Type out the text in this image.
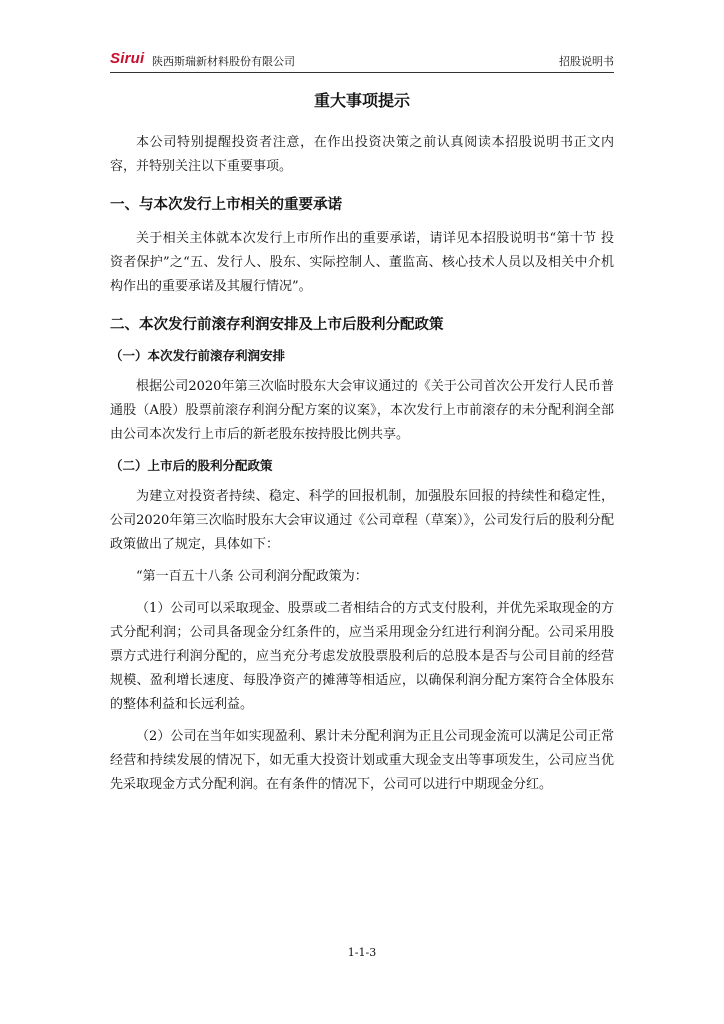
Sirui 陕西斯瑞新材料股份有限公司	招股说明书
重大事项提示

本公司特别提醒投资者注意，在作出投资决策之前认真阅读本招股说明书正文内容，并特别关注以下重要事项。

一、与本次发行上市相关的重要承诺

关于相关主体就本次发行上市所作出的重要承诺，请详见本招股说明书“第十节 投资者保护”之“五、发行人、股东、实际控制人、董监高、核心技术人员以及相关中介机构作出的重要承诺及其履行情况”。

二、本次发行前滚存利润安排及上市后股利分配政策
（一）本次发行前滚存利润安排

根据公司2020年第三次临时股东大会审议通过的《关于公司首次公开发行人民币普通股（A股）股票前滚存利润分配方案的议案》，本次发行上市前滚存的未分配利润全部由公司本次发行上市后的新老股东按持股比例共享。

（二）上市后的股利分配政策

为建立对投资者持续、稳定、科学的回报机制，加强股东回报的持续性和稳定性，公司2020年第三次临时股东大会审议通过《公司章程（草案）》，公司发行后的股利分配政策做出了规定，具体如下：

“第一百五十八条 公司利润分配政策为：

（1）公司可以采取现金、股票或二者相结合的方式支付股利，并优先采取现金的方式分配利润；公司具备现金分红条件的，应当采用现金分红进行利润分配。公司采用股票方式进行利润分配的，应当充分考虑发放股票股利后的总股本是否与公司目前的经营规模、盈利增长速度、每股净资产的摊薄等相适应，以确保利润分配方案符合全体股东的整体利益和长远利益。

（2）公司在当年如实现盈利、累计未分配利润为正且公司现金流可以满足公司正常经营和持续发展的情况下，如无重大投资计划或重大现金支出等事项发生，公司应当优先采取现金方式分配利润。在有条件的情况下，公司可以进行中期现金分红。

1-1-3
